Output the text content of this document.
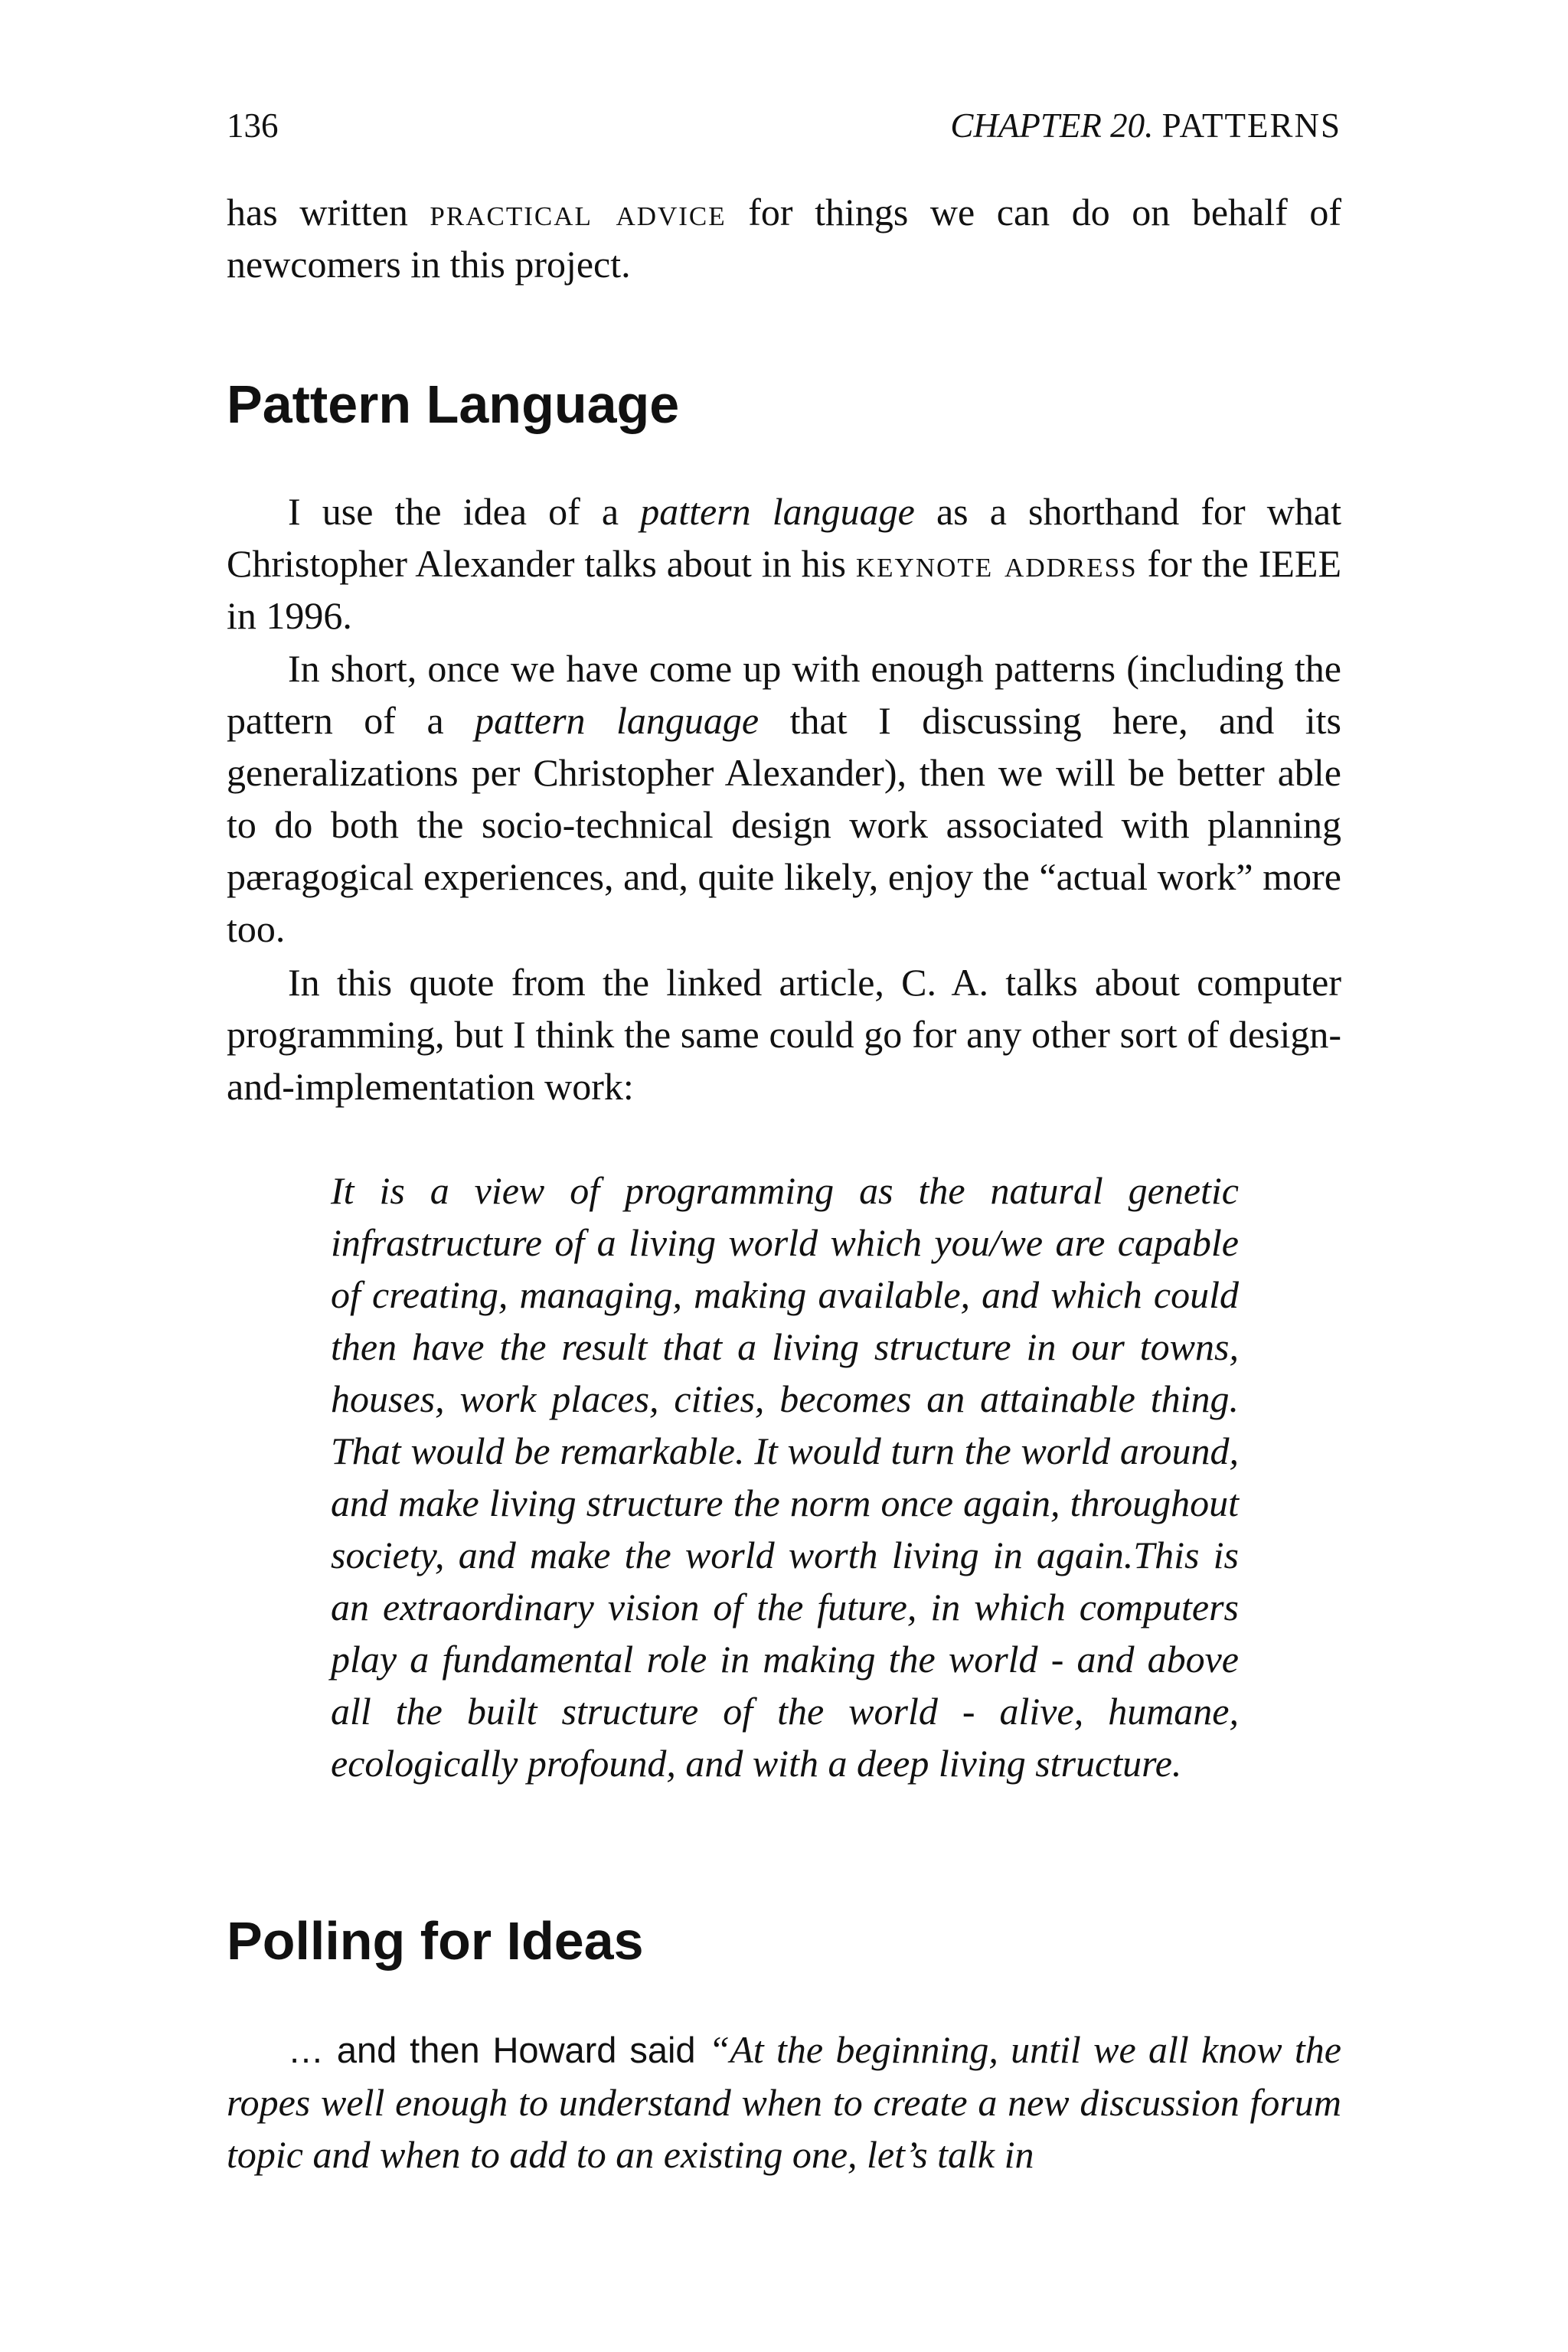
136	CHAPTER 20. PATTERNS

has written practical advice for things we can do on behalf of newcomers in this project.

Pattern Language

I use the idea of a pattern language as a shorthand for what Christopher Alexander talks about in his keynote address for the IEEE in 1996.

In short, once we have come up with enough patterns (including the pattern of a pattern language that I discussing here, and its generalizations per Christopher Alexander), then we will be better able to do both the socio-technical design work associated with planning pæragogical experiences, and, quite likely, enjoy the “actual work” more too.

In this quote from the linked article, C. A. talks about computer programming, but I think the same could go for any other sort of design-and-implementation work:

It is a view of programming as the natural genetic infrastructure of a living world which you/we are capable of creating, managing, making available, and which could then have the result that a living structure in our towns, houses, work places, cities, becomes an attainable thing. That would be remarkable. It would turn the world around, and make living structure the norm once again, throughout society, and make the world worth living in again.This is an extraordinary vision of the future, in which computers play a fundamental role in making the world - and above all the built structure of the world - alive, humane, ecologically profound, and with a deep living structure.

Polling for Ideas

… and then Howard said “At the beginning, until we all know the ropes well enough to understand when to create a new discussion forum topic and when to add to an existing one, let’s talk in
